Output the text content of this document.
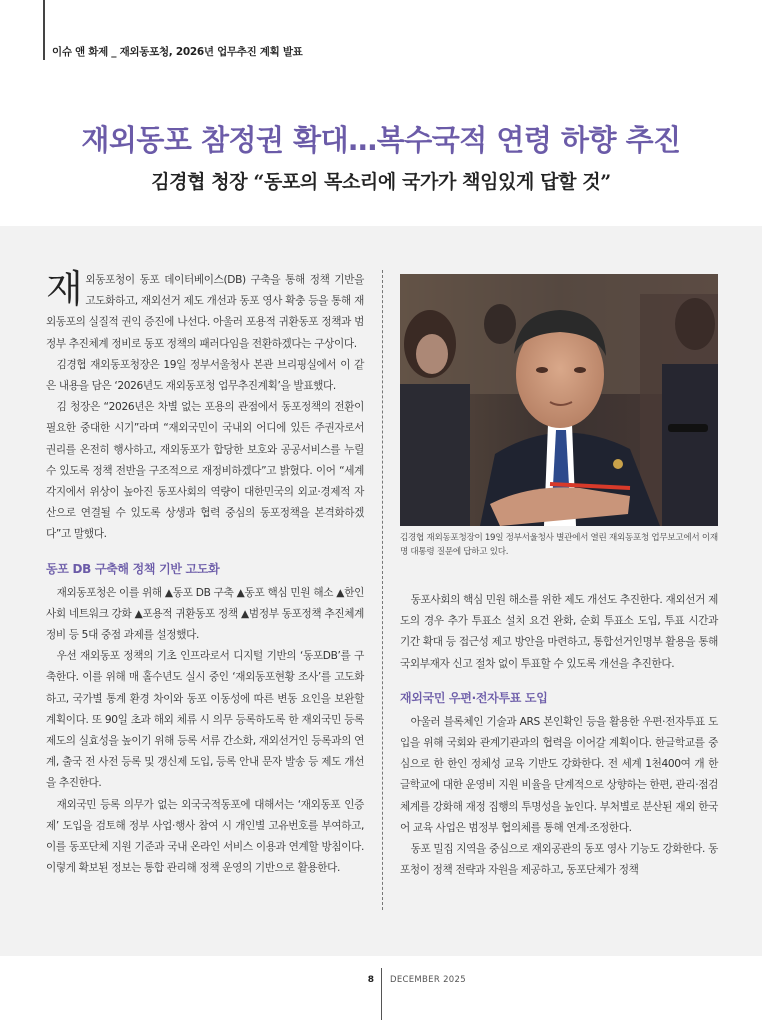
이슈 앤 화제 _ 재외동포청, 2026년 업무추진 계획 발표
재외동포 참정권 확대…복수국적 연령 하향 추진
김경협 청장 “동포의 목소리에 국가가 책임있게 답할 것”

재외동포청이 동포 데이터베이스(DB) 구축을 통해 정책 기반을 고도화하고, 재외선거 제도 개선과 동포 영사 확충 등을 통해 재외동포의 실질적 권익 증진에 나선다. 아울러 포용적 귀환동포 정책과 범정부 추진체계 정비로 동포 정책의 패러다임을 전환하겠다는 구상이다.

김경협 재외동포청장은 19일 정부서울청사 본관 브리핑실에서 이 같은 내용을 담은 ‘2026년도 재외동포청 업무추진계획’을 발표했다.

김 청장은 “2026년은 차별 없는 포용의 관점에서 동포정책의 전환이 필요한 중대한 시기”라며 “재외국민이 국내외 어디에 있든 주권자로서 권리를 온전히 행사하고, 재외동포가 합당한 보호와 공공서비스를 누릴 수 있도록 정책 전반을 구조적으로 재정비하겠다”고 밝혔다. 이어 “세계 각지에서 위상이 높아진 동포사회의 역량이 대한민국의 외교·경제적 자산으로 연결될 수 있도록 상생과 협력 중심의 동포정책을 본격화하겠다”고 말했다.

동포 DB 구축해 정책 기반 고도화

재외동포청은 이를 위해 ▲동포 DB 구축 ▲동포 핵심 민원 해소 ▲한인사회 네트워크 강화 ▲포용적 귀환동포 정책 ▲범정부 동포정책 추진체계 정비 등 5대 중점 과제를 설정했다.

우선 재외동포 정책의 기초 인프라로서 디지털 기반의 ‘동포DB’를 구축한다. 이를 위해 매 홀수년도 실시 중인 ‘재외동포현황 조사’를 고도화하고, 국가별 통계 환경 차이와 동포 이동성에 따른 변동 요인을 보완할 계획이다. 또 90일 초과 해외 체류 시 의무 등록하도록 한 재외국민 등록제도의 실효성을 높이기 위해 등록 서류 간소화, 재외선거인 등록과의 연계, 출국 전 사전 등록 및 갱신제 도입, 등록 안내 문자 발송 등 제도 개선을 추진한다.

재외국민 등록 의무가 없는 외국국적동포에 대해서는 ‘재외동포 인증제’ 도입을 검토해 정부 사업·행사 참여 시 개인별 고유번호를 부여하고, 이를 동포단체 지원 기준과 국내 온라인 서비스 이용과 연계할 방침이다. 이렇게 확보된 정보는 통합 관리해 정책 운영의 기반으로 활용한다.

김경협 재외동포청장이 19일 정부서울청사 별관에서 열린 재외동포청 업무보고에서 이재명 대통령 질문에 답하고 있다.

동포사회의 핵심 민원 해소를 위한 제도 개선도 추진한다. 재외선거 제도의 경우 추가 투표소 설치 요건 완화, 순회 투표소 도입, 투표 시간과 기간 확대 등 접근성 제고 방안을 마련하고, 통합선거인명부 활용을 통해 국외부재자 신고 절차 없이 투표할 수 있도록 개선을 추진한다.

재외국민 우편·전자투표 도입

아울러 블록체인 기술과 ARS 본인확인 등을 활용한 우편·전자투표 도입을 위해 국회와 관계기관과의 협력을 이어갈 계획이다. 한글학교를 중심으로 한 한인 정체성 교육 기반도 강화한다. 전 세계 1천400여 개 한글학교에 대한 운영비 지원 비율을 단계적으로 상향하는 한편, 관리·점검 체계를 강화해 재정 집행의 투명성을 높인다. 부처별로 분산된 재외 한국어 교육 사업은 범정부 협의체를 통해 연계·조정한다.

동포 밀집 지역을 중심으로 재외공관의 동포 영사 기능도 강화한다. 동포청이 정책 전략과 자원을 제공하고, 동포단체가 정책

8 DECEMBER 2025
